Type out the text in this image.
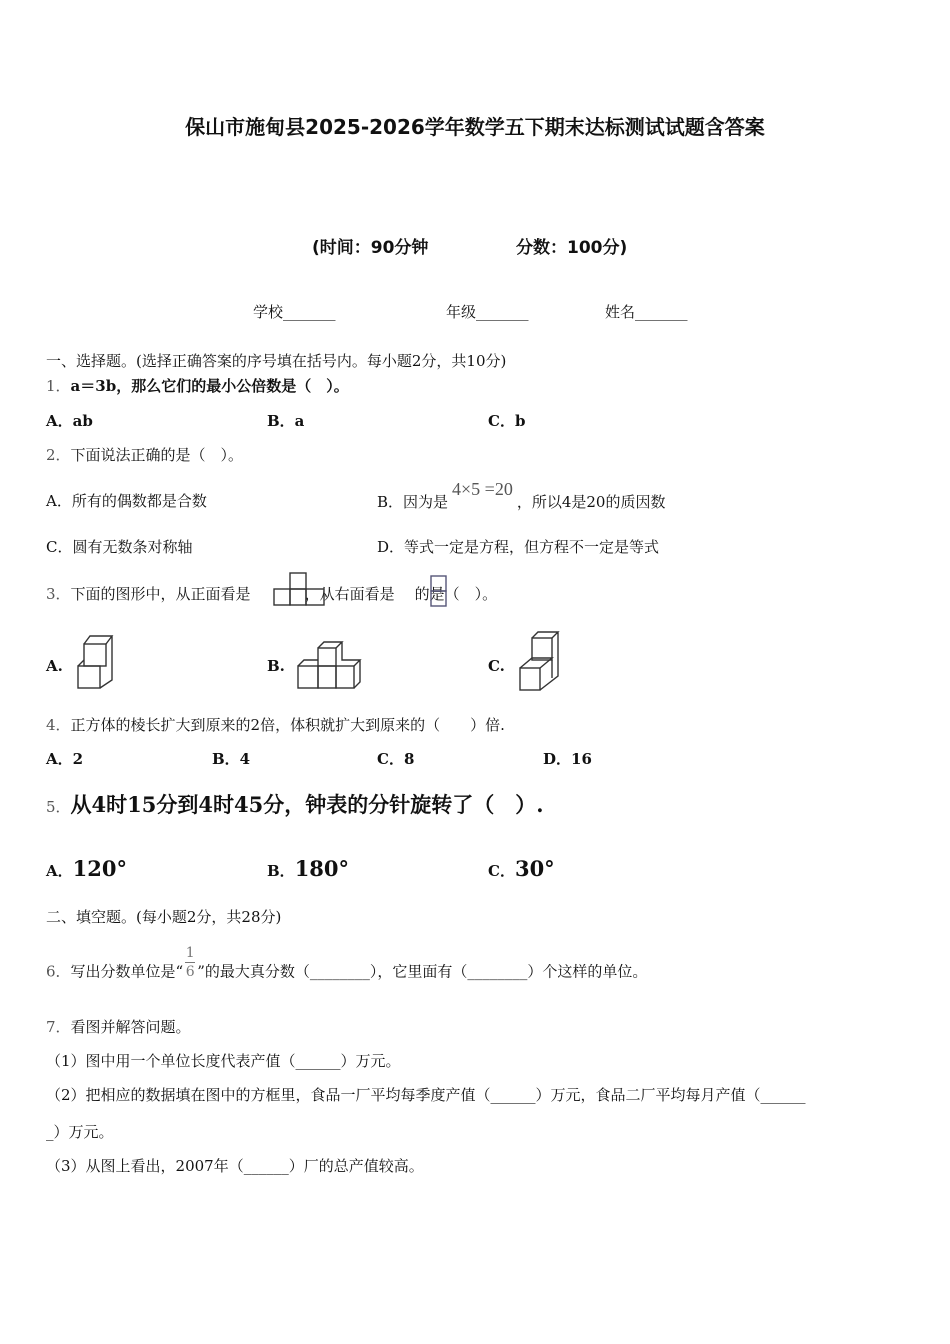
保山市施甸县2025-2026学年数学五下期末达标测试试题含答案
(时间：90分钟	分数：100分)
学校_______	年级_______	姓名_______
一、选择题。(选择正确答案的序号填在括号内。每小题2分，共10分)
1．a＝3b，那么它们的最小公倍数是（　）。
A．ab	B．a	C．b
2．下面说法正确的是（　）。
A．所有的偶数都是合数	B．因为是4×5 =20，所以4是20的质因数
C．圆有无数条对称轴	D．等式一定是方程，但方程不一定是等式
3．下面的图形中，从正面看是	，从右面看是 的是（　）。
A.	B.	C.
4．正方体的棱长扩大到原来的2倍，体积就扩大到原来的（　　）倍.
A．2	B．4	C．8	D．16
5．从4时15分到4时45分，钟表的分针旋转了（　）.
A．120°	B．180°	C．30°
二、填空题。(每小题2分，共28分)
6．写出分数单位是“ $\frac{1}{6}$ ”的最大真分数（________），它里面有（________）个这样的单位。
7．看图并解答问题。
（1）图中用一个单位长度代表产值（______）万元。
（2）把相应的数据填在图中的方框里，食品一厂平均每季度产值（______）万元，食品二厂平均每月产值（______
_）万元。
（3）从图上看出，2007年（______）厂的总产值较高。
